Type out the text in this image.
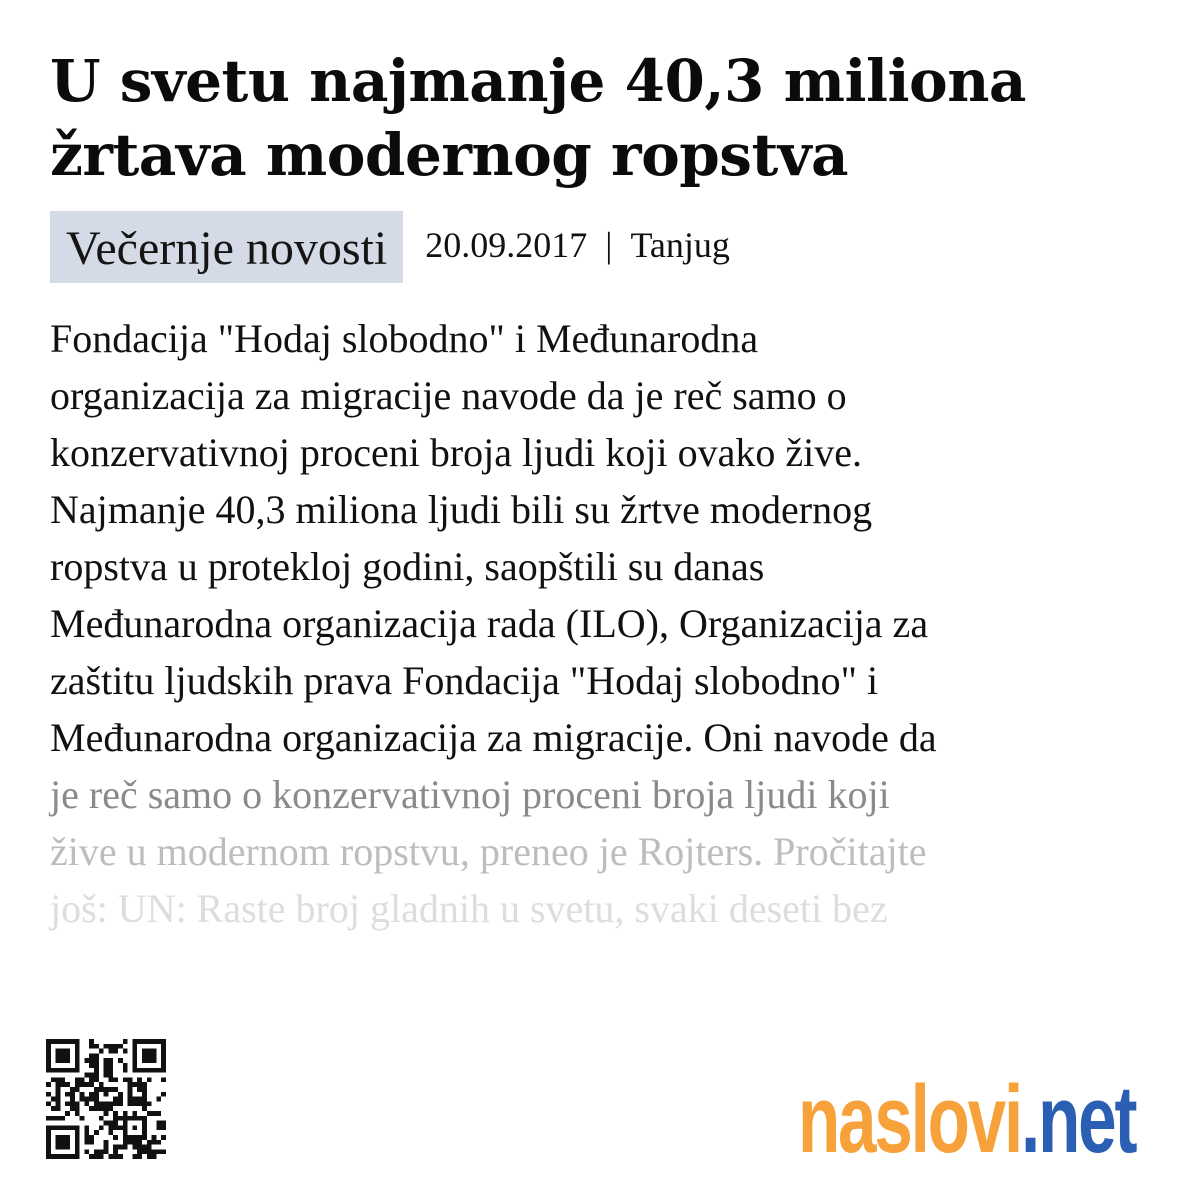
U svetu najmanje 40,3 miliona žrtava modernog ropstva
Večernje novosti	20.09.2017 | Tanjug
Fondacija "Hodaj slobodno" i Međunarodna
organizacija za migracije navode da je reč samo o
konzervativnoj proceni broja ljudi koji ovako žive.
Najmanje 40,3 miliona ljudi bili su žrtve modernog
ropstva u protekloj godini, saopštili su danas
Međunarodna organizacija rada (ILO), Organizacija za
zaštitu ljudskih prava Fondacija "Hodaj slobodno" i
Međunarodna organizacija za migracije. Oni navode da
je reč samo o konzervativnoj proceni broja ljudi koji
žive u modernom ropstvu, preneo je Rojters. Pročitajte
još: UN: Raste broj gladnih u svetu, svaki deseti bez
naslovi.net
